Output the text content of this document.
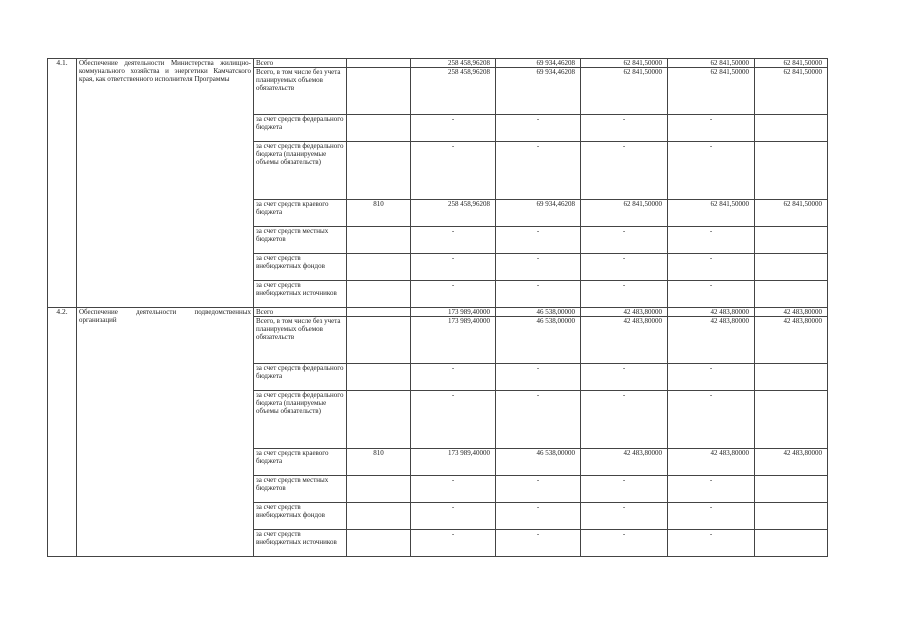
4.1.	Обеспечение деятельности Министерства жилищно-коммунального хозяйства и энергетики Камчатского края, как ответственного исполнителя Программы	Всего		258 458,96208	69 934,46208	62 841,50000	62 841,50000	62 841,50000
		Всего, в том числе без учета планируемых объемов обязательств		258 458,96208	69 934,46208	62 841,50000	62 841,50000	62 841,50000
		за счет средств федерального бюджета		-	-	-	-	
		за счет средств федерального бюджета (планируемые объемы обязательств)		-	-	-	-	
		за счет средств краевого бюджета	810	258 458,96208	69 934,46208	62 841,50000	62 841,50000	62 841,50000
		за счет средств местных бюджетов		-	-	-	-	
		за счет средств внебюджетных фондов		-	-	-	-	
		за счет средств внебюджетных источников		-	-	-	-	
4.2.	Обеспечение деятельности подведомственных организаций	Всего		173 989,40000	46 538,00000	42 483,80000	42 483,80000	42 483,80000
		Всего, в том числе без учета планируемых объемов обязательств		173 989,40000	46 538,00000	42 483,80000	42 483,80000	42 483,80000
		за счет средств федерального бюджета		-	-	-	-	
		за счет средств федерального бюджета (планируемые объемы обязательств)		-	-	-	-	
		за счет средств краевого бюджета	810	173 989,40000	46 538,00000	42 483,80000	42 483,80000	42 483,80000
		за счет средств местных бюджетов		-	-	-	-	
		за счет средств внебюджетных фондов		-	-	-	-	
		за счет средств внебюджетных источников		-	-	-	-	
